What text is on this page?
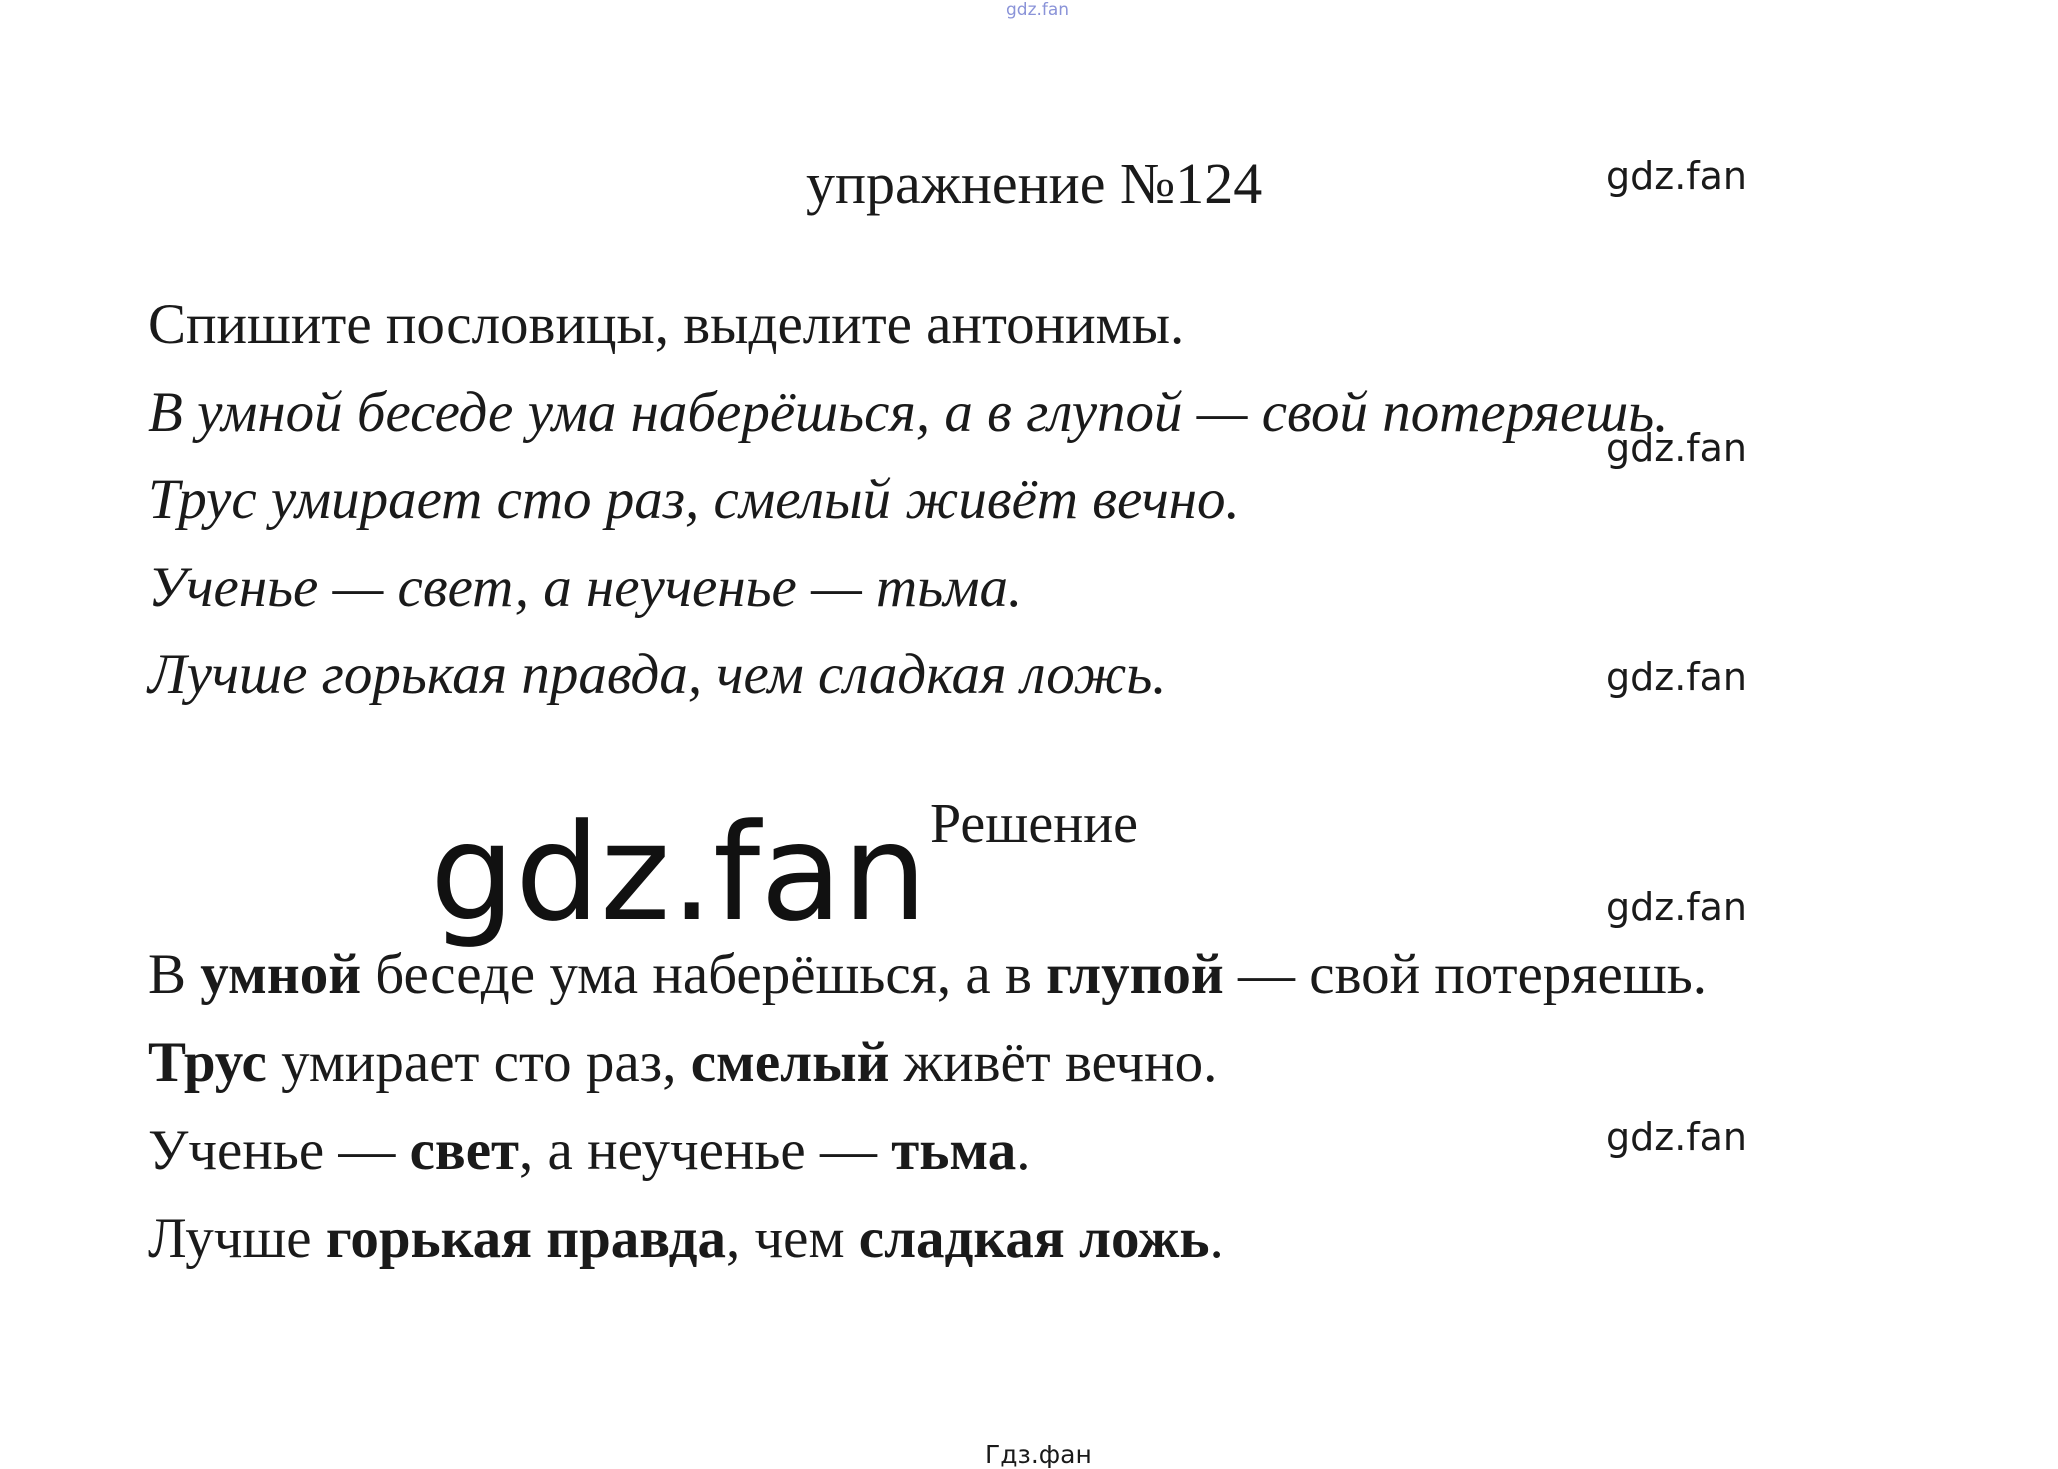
gdz.fan
упражнение №124	gdz.fan
gdz.fan
gdz.fan
gdz.fan
gdz.fan
Спишите пословицы, выделите антонимы.
В умной беседе ума наберёшься, а в глупой — свой потеряешь.
Трус умирает сто раз, смелый живёт вечно.
Ученье — свет, а неученье — тьма.
Лучше горькая правда, чем сладкая ложь.
gdz.fan Решение
В умной беседе ума наберёшься, а в глупой — свой потеряешь.
Трус умирает сто раз, смелый живёт вечно.
Ученье — свет, а неученье — тьма.
Лучше горькая правда, чем сладкая ложь.
Гдз.фан
